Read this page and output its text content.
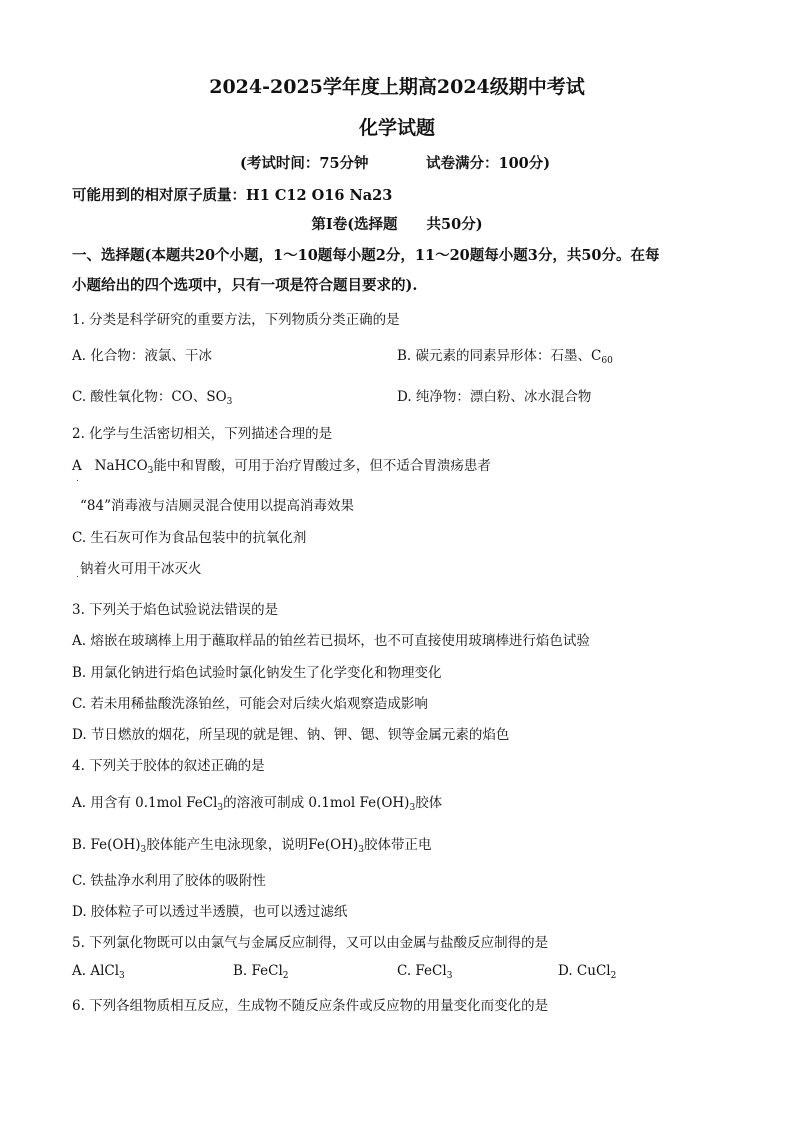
2024-2025学年度上期高2024级期中考试
化学试题
(考试时间：75分钟	试卷满分：100分)
可能用到的相对原子质量：H1 C12 O16 Na23
第I卷(选择题　　共50分)
一、选择题(本题共20个小题，1～10题每小题2分，11～20题每小题3分，共50分。在每
小题给出的四个选项中，只有一项是符合题目要求的).
1. 分类是科学研究的重要方法，下列物质分类正确的是
A. 化合物：液氯、干冰	B. 碳元素的同素异形体：石墨、$C_{60}$
C. 酸性氧化物：CO、$SO_3$	D. 纯净物：漂白粉、冰水混合物
2. 化学与生活密切相关，下列描述合理的是
A NaHCO$_3$能中和胃酸，可用于治疗胃酸过多，但不适合胃溃疡患者
.
“84”消毒液与洁厕灵混合使用以提高消毒效果
C. 生石灰可作为食品包装中的抗氧化剂
钠着火可用干冰灭火
.
3. 下列关于焰色试验说法错误的是
A. 熔嵌在玻璃棒上用于蘸取样品的铂丝若已损坏，也不可直接使用玻璃棒进行焰色试验
B. 用氯化钠进行焰色试验时氯化钠发生了化学变化和物理变化
C. 若未用稀盐酸洗涤铂丝，可能会对后续火焰观察造成影响
D. 节日燃放的烟花，所呈现的就是锂、钠、钾、锶、钡等金属元素的焰色
4. 下列关于胶体的叙述正确的是
A. 用含有 0.1mol FeCl$_3$的溶液可制成 0.1mol $Fe(OH)_3$胶体
B. $Fe(OH)_3$胶体能产生电泳现象，说明$Fe(OH)_3$胶体带正电
C. 铁盐净水利用了胶体的吸附性
D. 胶体粒子可以透过半透膜，也可以透过滤纸
5. 下列氯化物既可以由氯气与金属反应制得，又可以由金属与盐酸反应制得的是
A. AlCl$_3$	B. FeCl$_2$	C. FeCl$_3$	D. CuCl$_2$
6. 下列各组物质相互反应，生成物不随反应条件或反应物的用量变化而变化的是
